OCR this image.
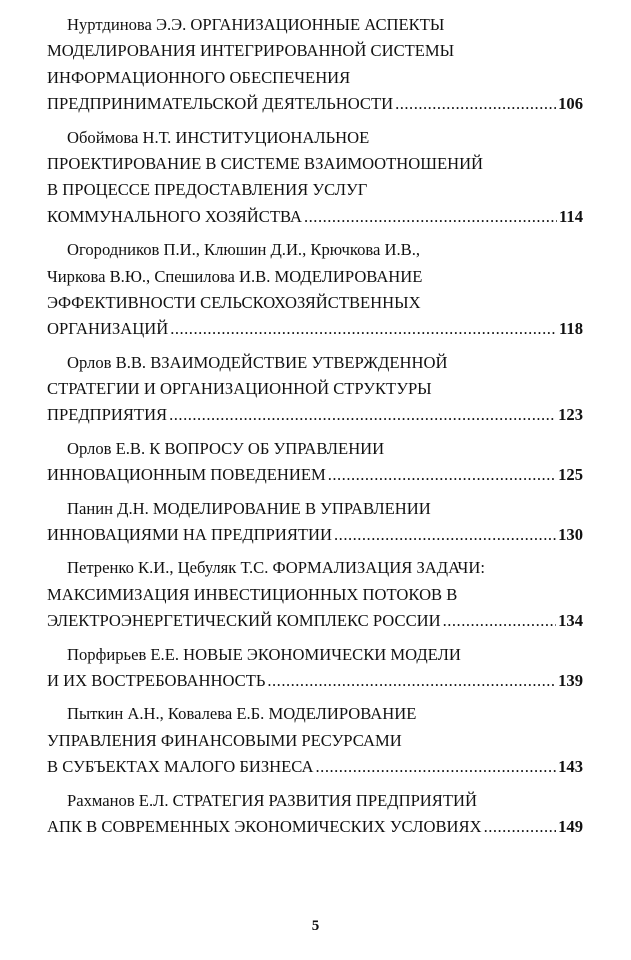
Нуртдинова Э.Э. ОРГАНИЗАЦИОННЫЕ АСПЕКТЫ
МОДЕЛИРОВАНИЯ ИНТЕГРИРОВАННОЙ СИСТЕМЫ
ИНФОРМАЦИОННОГО ОБЕСПЕЧЕНИЯ
ПРЕДПРИНИМАТЕЛЬСКОЙ ДЕЯТЕЛЬНОСТИ .....	106
Обоймова Н.Т. ИНСТИТУЦИОНАЛЬНОЕ
ПРОЕКТИРОВАНИЕ В СИСТЕМЕ ВЗАИМООТНОШЕНИЙ
В ПРОЦЕССЕ ПРЕДОСТАВЛЕНИЯ УСЛУГ
КОММУНАЛЬНОГО ХОЗЯЙСТВА .....	114
Огородников П.И., Клюшин Д.И., Крючкова И.В.,
Чиркова В.Ю., Спешилова И.В. МОДЕЛИРОВАНИЕ
ЭФФЕКТИВНОСТИ СЕЛЬСКОХОЗЯЙСТВЕННЫХ
ОРГАНИЗАЦИЙ .....	118
Орлов В.В. ВЗАИМОДЕЙСТВИЕ УТВЕРЖДЕННОЙ
СТРАТЕГИИ И ОРГАНИЗАЦИОННОЙ СТРУКТУРЫ
ПРЕДПРИЯТИЯ .....	123
Орлов Е.В. К ВОПРОСУ ОБ УПРАВЛЕНИИ
ИННОВАЦИОННЫМ ПОВЕДЕНИЕМ .....	125
Панин Д.Н. МОДЕЛИРОВАНИЕ В УПРАВЛЕНИИ
ИННОВАЦИЯМИ НА ПРЕДПРИЯТИИ .....	130
Петренко К.И., Цебуляк Т.С. ФОРМАЛИЗАЦИЯ ЗАДАЧИ:
МАКСИМИЗАЦИЯ ИНВЕСТИЦИОННЫХ ПОТОКОВ В
ЭЛЕКТРОЭНЕРГЕТИЧЕСКИЙ КОМПЛЕКС РОССИИ .....	134
Порфирьев Е.Е. НОВЫЕ ЭКОНОМИЧЕСКИ МОДЕЛИ
И ИХ ВОСТРЕБОВАННОСТЬ .....	139
Пыткин А.Н., Ковалева Е.Б. МОДЕЛИРОВАНИЕ
УПРАВЛЕНИЯ ФИНАНСОВЫМИ РЕСУРСАМИ
В СУБЪЕКТАХ МАЛОГО БИЗНЕСА .....	143
Рахманов Е.Л. СТРАТЕГИЯ РАЗВИТИЯ ПРЕДПРИЯТИЙ
АПК В СОВРЕМЕННЫХ ЭКОНОМИЧЕСКИХ УСЛОВИЯХ .....	149
5
